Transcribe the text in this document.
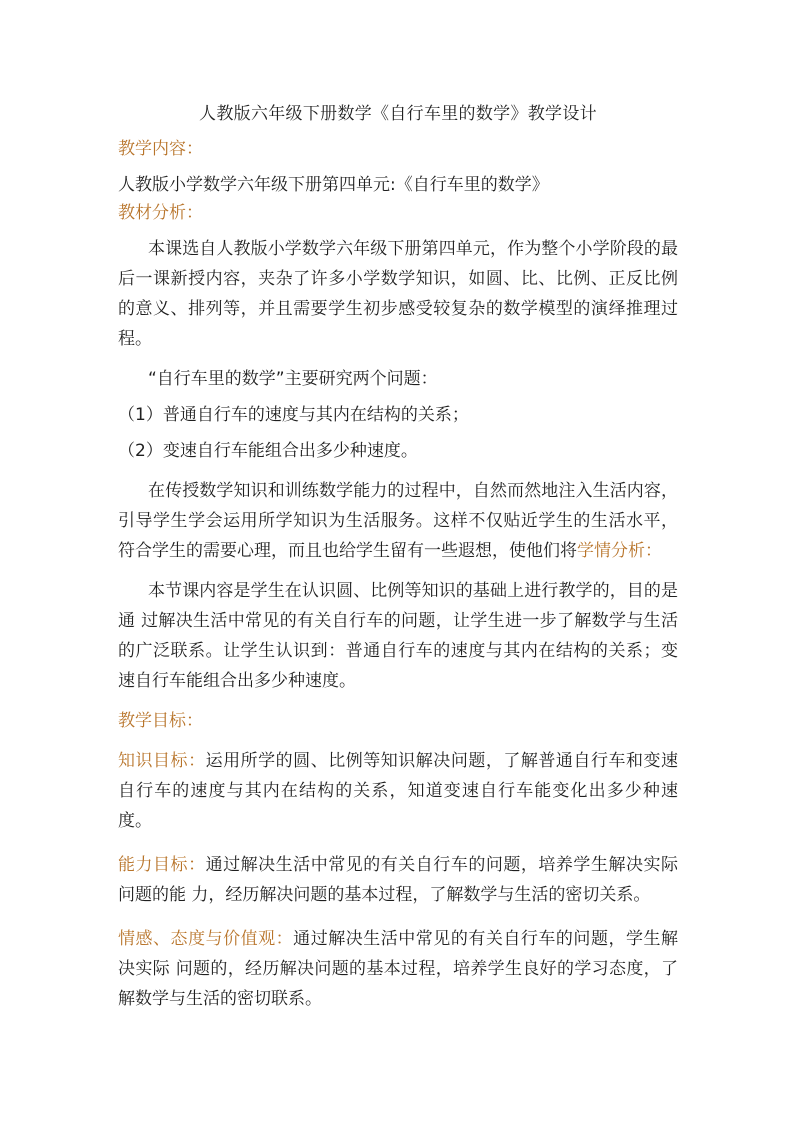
人教版六年级下册数学《自行车里的数学》教学设计
教学内容：
人教版小学数学六年级下册第四单元:《自行车里的数学》
教材分析：
本课选自人教版小学数学六年级下册第四单元，作为整个小学阶段的最后一课新授内容，夹杂了许多小学数学知识，如圆、比、比例、正反比例的意义、排列等，并且需要学生初步感受较复杂的数学模型的演绎推理过程。
“自行车里的数学”主要研究两个问题：
（1）普通自行车的速度与其内在结构的关系；
（2）变速自行车能组合出多少种速度。
在传授数学知识和训练数学能力的过程中，自然而然地注入生活内容，引导学生学会运用所学知识为生活服务。这样不仅贴近学生的生活水平，符合学生的需要心理，而且也给学生留有一些遐想，使他们将学情分析：
本节课内容是学生在认识圆、比例等知识的基础上进行教学的，目的是通 过解决生活中常见的有关自行车的问题，让学生进一步了解数学与生活的广泛联系。让学生认识到：普通自行车的速度与其内在结构的关系；变速自行车能组合出多少种速度。
教学目标：
知识目标：运用所学的圆、比例等知识解决问题，了解普通自行车和变速自行车的速度与其内在结构的关系，知道变速自行车能变化出多少种速度。
能力目标：通过解决生活中常见的有关自行车的问题，培养学生解决实际问题的能 力，经历解决问题的基本过程，了解数学与生活的密切关系。
情感、态度与价值观：通过解决生活中常见的有关自行车的问题，学生解决实际 问题的，经历解决问题的基本过程，培养学生良好的学习态度，了解数学与生活的密切联系。
